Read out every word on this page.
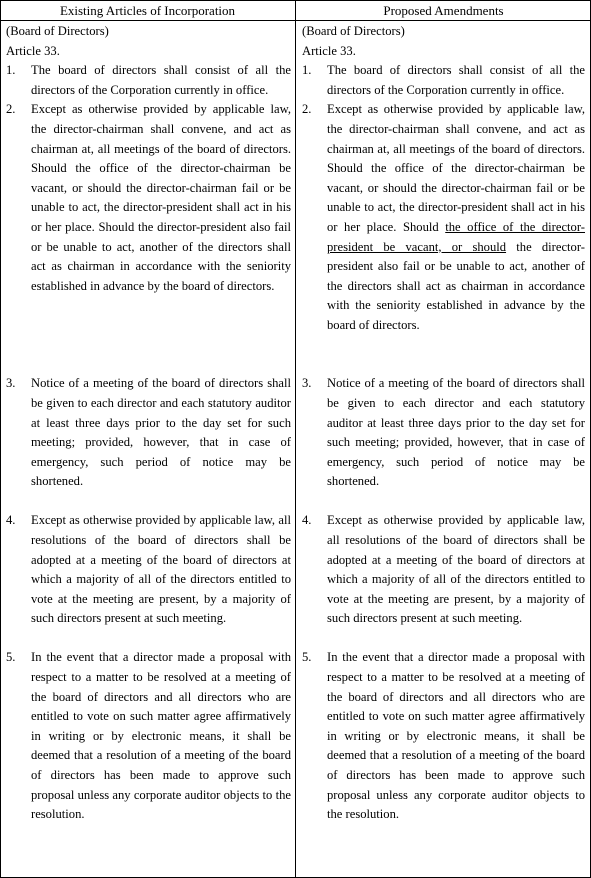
Existing Articles of Incorporation	Proposed Amendments
(Board of Directors)
Article 33.
1. The board of directors shall consist of all the directors of the Corporation currently in office.
2. Except as otherwise provided by applicable law, the director-chairman shall convene, and act as chairman at, all meetings of the board of directors. Should the office of the director-chairman be vacant, or should the director-chairman fail or be unable to act, the director-president shall act in his or her place. Should the director-president also fail or be unable to act, another of the directors shall act as chairman in accordance with the seniority established in advance by the board of directors.
3. Notice of a meeting of the board of directors shall be given to each director and each statutory auditor at least three days prior to the day set for such meeting; provided, however, that in case of emergency, such period of notice may be shortened.
4. Except as otherwise provided by applicable law, all resolutions of the board of directors shall be adopted at a meeting of the board of directors at which a majority of all of the directors entitled to vote at the meeting are present, by a majority of such directors present at such meeting.
5. In the event that a director made a proposal with respect to a matter to be resolved at a meeting of the board of directors and all directors who are entitled to vote on such matter agree affirmatively in writing or by electronic means, it shall be deemed that a resolution of a meeting of the board of directors has been made to approve such proposal unless any corporate auditor objects to the resolution.
(Board of Directors)
Article 33.
1. The board of directors shall consist of all the directors of the Corporation currently in office.
2. Except as otherwise provided by applicable law, the director-chairman shall convene, and act as chairman at, all meetings of the board of directors. Should the office of the director-chairman be vacant, or should the director-chairman fail or be unable to act, the director-president shall act in his or her place. Should the office of the director-president be vacant, or should the director-president also fail or be unable to act, another of the directors shall act as chairman in accordance with the seniority established in advance by the board of directors.
3. Notice of a meeting of the board of directors shall be given to each director and each statutory auditor at least three days prior to the day set for such meeting; provided, however, that in case of emergency, such period of notice may be shortened.
4. Except as otherwise provided by applicable law, all resolutions of the board of directors shall be adopted at a meeting of the board of directors at which a majority of all of the directors entitled to vote at the meeting are present, by a majority of such directors present at such meeting.
5. In the event that a director made a proposal with respect to a matter to be resolved at a meeting of the board of directors and all directors who are entitled to vote on such matter agree affirmatively in writing or by electronic means, it shall be deemed that a resolution of a meeting of the board of directors has been made to approve such proposal unless any corporate auditor objects to the resolution.
